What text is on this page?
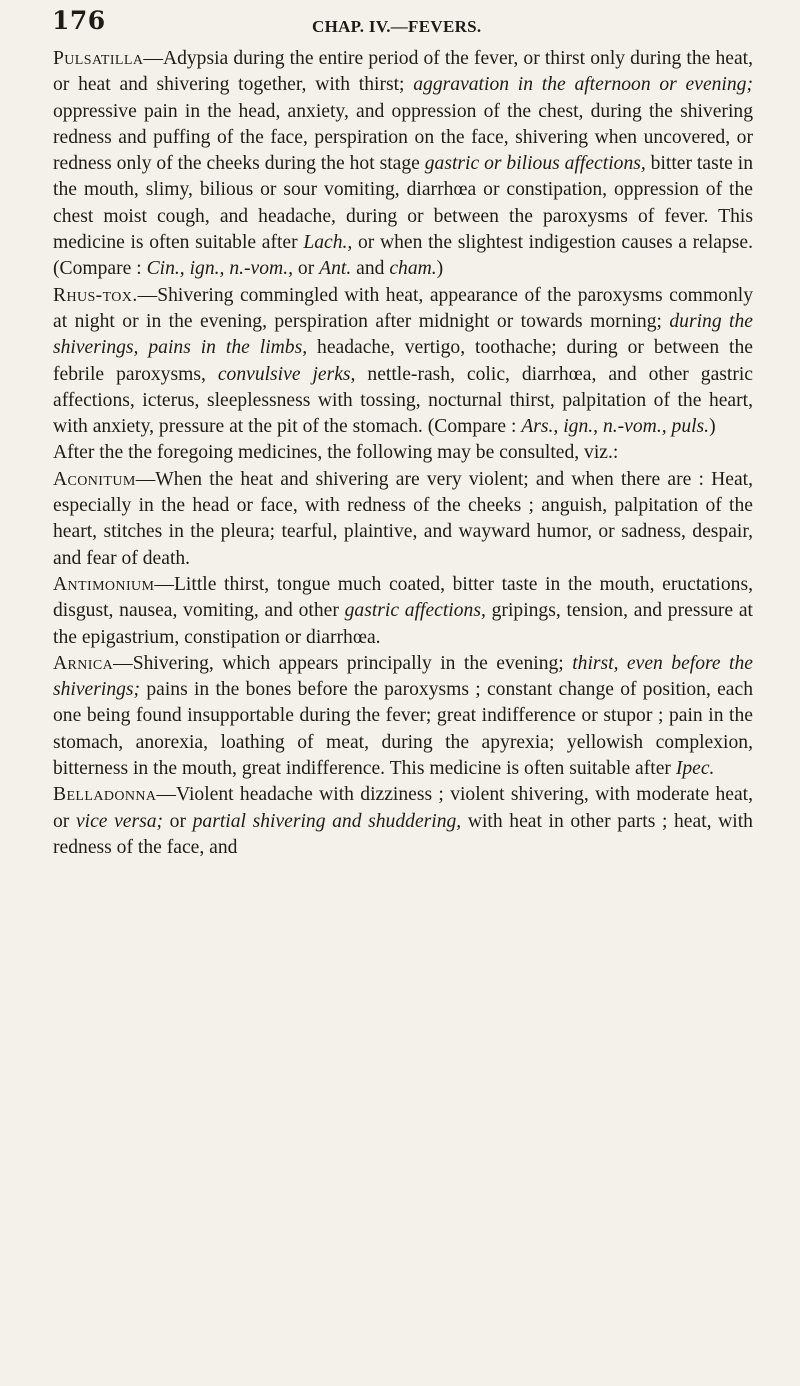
176	CHAP. IV.—FEVERS.

Pulsatilla—Adypsia during the entire period of the fever, or thirst only during the heat, or heat and shivering together, with thirst; aggravation in the afternoon or evening; oppressive pain in the head, anxiety, and oppression of the chest, during the shivering redness and puffing of the face, perspiration on the face, shivering when uncovered, or redness only of the cheeks during the hot stage gastric or bilious affections, bitter taste in the mouth, slimy, bilious or sour vomiting, diarrhœa or constipation, oppression of the chest moist cough, and headache, during or between the paroxysms of fever. This medicine is often suitable after Lach., or when the slightest indigestion causes a relapse. (Compare : Cin., ign., n.-vom., or Ant. and cham.)

Rhus-tox.—Shivering commingled with heat, appearance of the paroxysms commonly at night or in the evening, perspiration after midnight or towards morning; during the shiverings, pains in the limbs, headache, vertigo, toothache; during or between the febrile paroxysms, convulsive jerks, nettle-rash, colic, diarrhœa, and other gastric affections, icterus, sleeplessness with tossing, nocturnal thirst, palpitation of the heart, with anxiety, pressure at the pit of the stomach. (Compare : Ars., ign., n.-vom., puls.)

After the the foregoing medicines, the following may be consulted, viz.:

Aconitum—When the heat and shivering are very violent; and when there are : Heat, especially in the head or face, with redness of the cheeks ; anguish, palpitation of the heart, stitches in the pleura; tearful, plaintive, and wayward humor, or sadness, despair, and fear of death.

Antimonium—Little thirst, tongue much coated, bitter taste in the mouth, eructations, disgust, nausea, vomiting, and other gastric affections, gripings, tension, and pressure at the epigastrium, constipation or diarrhœa.

Arnica—Shivering, which appears principally in the evening; thirst, even before the shiverings; pains in the bones before the paroxysms ; constant change of position, each one being found insupportable during the fever; great indifference or stupor ; pain in the stomach, anorexia, loathing of meat, during the apyrexia; yellowish complexion, bitterness in the mouth, great indifference. This medicine is often suitable after Ipec.

Belladonna—Violent headache with dizziness ; violent shivering, with moderate heat, or vice versa; or partial shivering and shuddering, with heat in other parts ; heat, with redness of the face, and
